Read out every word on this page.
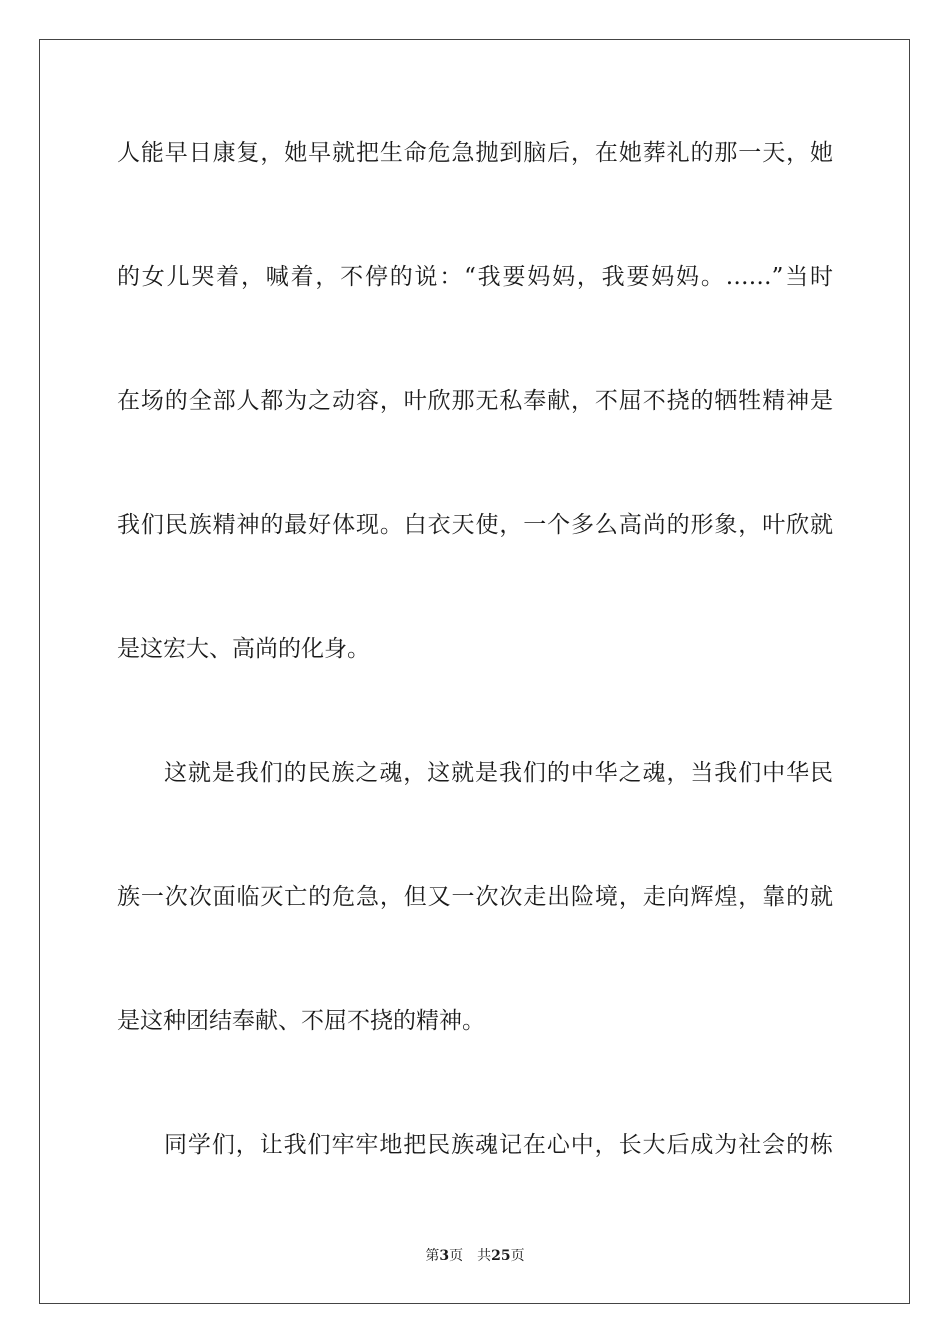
人能早日康复，她早就把生命危急抛到脑后，在她葬礼的那一天，她
的女儿哭着，喊着，不停的说：“我要妈妈，我要妈妈。……”当时
在场的全部人都为之动容，叶欣那无私奉献，不屈不挠的牺牲精神是
我们民族精神的最好体现。白衣天使，一个多么高尚的形象，叶欣就
是这宏大、高尚的化身。
这就是我们的民族之魂，这就是我们的中华之魂，当我们中华民
族一次次面临灭亡的危急，但又一次次走出险境，走向辉煌，靠的就
是这种团结奉献、不屈不挠的精神。
同学们，让我们牢牢地把民族魂记在心中，长大后成为社会的栋
第3页 共25页
